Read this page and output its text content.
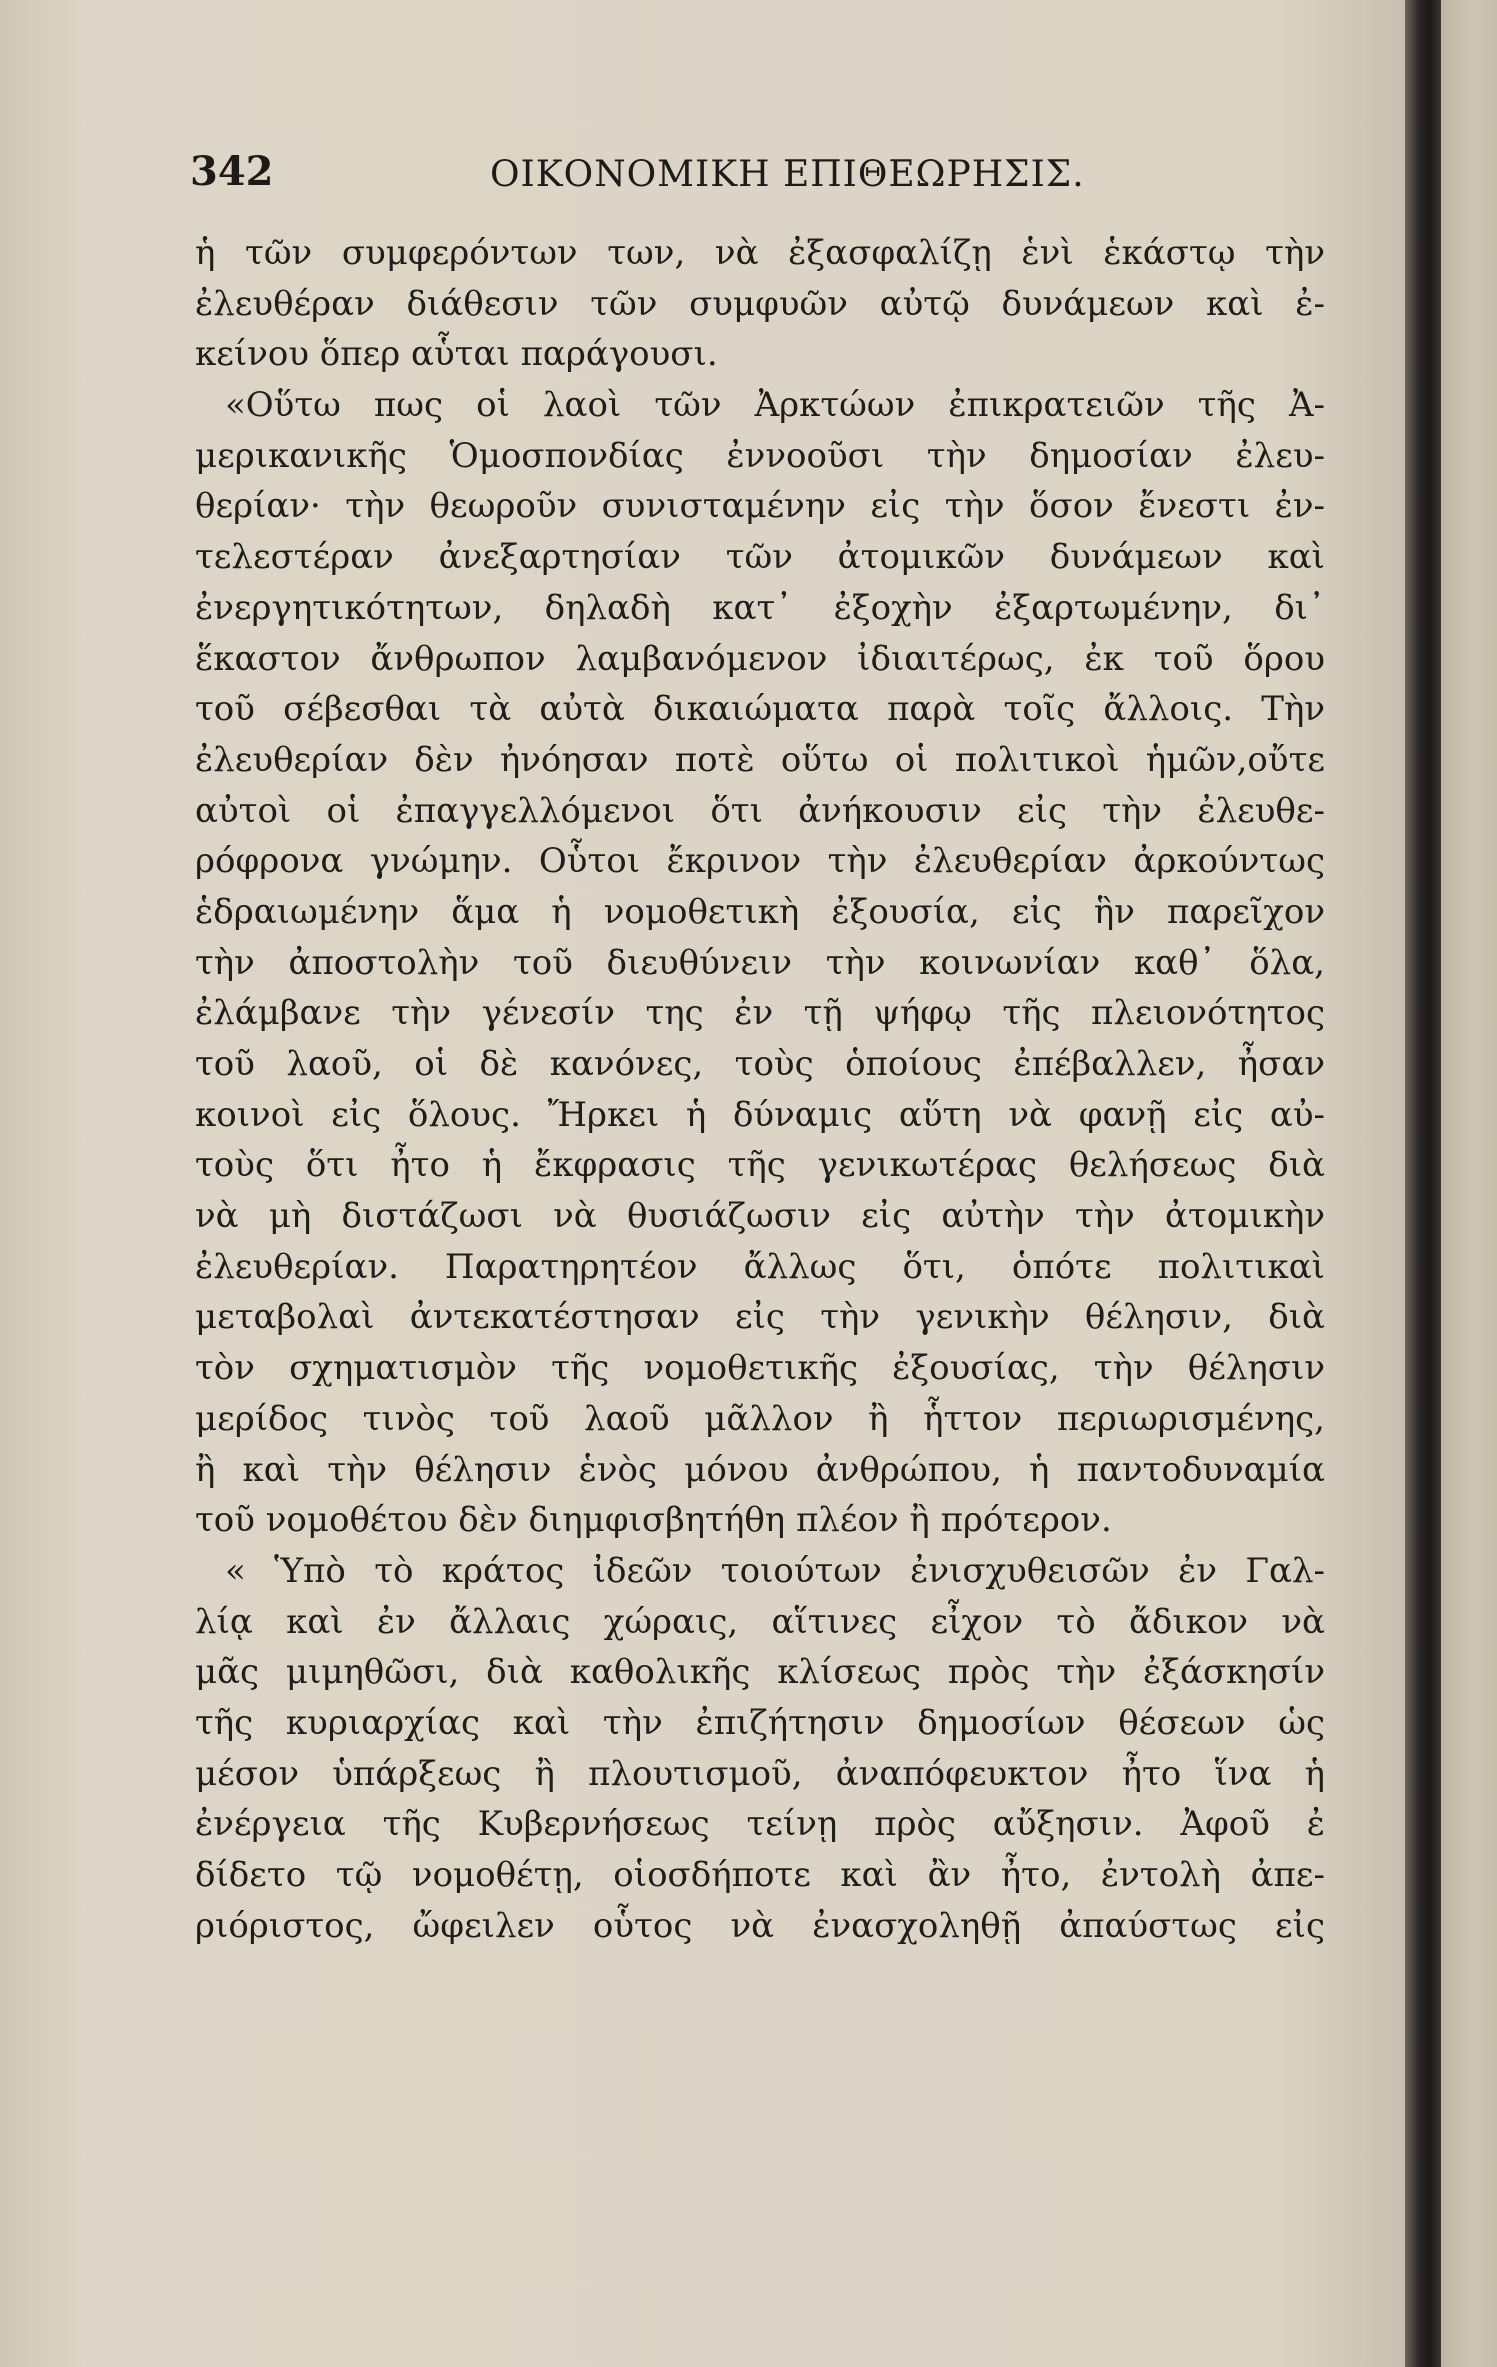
342	ΟΙΚΟΝΟΜΙΚΗ ΕΠΙΘΕΩΡΗΣΙΣ.
ἡ τῶν συμφερόντων των, νὰ ἐξασφαλίζῃ ἑνὶ ἑκάστῳ τὴν
ἐλευθέραν διάθεσιν τῶν συμφυῶν αὐτῷ δυνάμεων καὶ ἐ-
κείνου ὅπερ αὗται παράγουσι.
«Οὕτω πως οἱ λαοὶ τῶν Ἀρκτώων ἐπικρατειῶν τῆς Ἀ-
μερικανικῆς Ὁμοσπονδίας ἐννοοῦσι τὴν δημοσίαν ἐλευ-
θερίαν· τὴν θεωροῦν συνισταμένην εἰς τὴν ὅσον ἔνεστι ἐν-
τελεστέραν ἀνεξαρτησίαν τῶν ἀτομικῶν δυνάμεων καὶ
ἐνεργητικότητων, δηλαδὴ κατ᾽ ἐξοχὴν ἐξαρτωμένην, δι᾽
ἕκαστον ἄνθρωπον λαμβανόμενον ἰδιαιτέρως, ἐκ τοῦ ὅρου
τοῦ σέβεσθαι τὰ αὐτὰ δικαιώματα παρὰ τοῖς ἄλλοις. Τὴν
ἐλευθερίαν δὲν ἠνόησαν ποτὲ οὕτω οἱ πολιτικοὶ ἡμῶν,οὔτε
αὐτοὶ οἱ ἐπαγγελλόμενοι ὅτι ἀνήκουσιν εἰς τὴν ἐλευθε-
ρόφρονα γνώμην. Οὗτοι ἔκρινον τὴν ἐλευθερίαν ἀρκούντως
ἑδραιωμένην ἅμα ἡ νομοθετικὴ ἐξουσία, εἰς ἣν παρεῖχον
τὴν ἀποστολὴν τοῦ διευθύνειν τὴν κοινωνίαν καθ᾽ ὅλα,
ἐλάμβανε τὴν γένεσίν της ἐν τῇ ψήφῳ τῆς πλειονότητος
τοῦ λαοῦ, οἱ δὲ κανόνες, τοὺς ὁποίους ἐπέβαλλεν, ἦσαν
κοινοὶ εἰς ὅλους. Ἤρκει ἡ δύναμις αὕτη νὰ φανῇ εἰς αὐ-
τοὺς ὅτι ἦτο ἡ ἔκφρασις τῆς γενικωτέρας θελήσεως διὰ
νὰ μὴ διστάζωσι νὰ θυσιάζωσιν εἰς αὐτὴν τὴν ἀτομικὴν
ἐλευθερίαν. Παρατηρητέον ἄλλως ὅτι, ὁπότε πολιτικαὶ
μεταβολαὶ ἀντεκατέστησαν εἰς τὴν γενικὴν θέλησιν, διὰ
τὸν σχηματισμὸν τῆς νομοθετικῆς ἐξουσίας, τὴν θέλησιν
μερίδος τινὸς τοῦ λαοῦ μᾶλλον ἢ ἧττον περιωρισμένης,
ἢ καὶ τὴν θέλησιν ἑνὸς μόνου ἀνθρώπου, ἡ παντοδυναμία
τοῦ νομοθέτου δὲν διημφισβητήθη πλέον ἢ πρότερον.
« Ὑπὸ τὸ κράτος ἰδεῶν τοιούτων ἐνισχυθεισῶν ἐν Γαλ-
λίᾳ καὶ ἐν ἄλλαις χώραις, αἵτινες εἶχον τὸ ἄδικον νὰ
μᾶς μιμηθῶσι, διὰ καθολικῆς κλίσεως πρὸς τὴν ἐξάσκησίν
τῆς κυριαρχίας καὶ τὴν ἐπιζήτησιν δημοσίων θέσεων ὡς
μέσον ὑπάρξεως ἢ πλουτισμοῦ, ἀναπόφευκτον ἦτο ἵνα ἡ
ἐνέργεια τῆς Κυβερνήσεως τείνῃ πρὸς αὔξησιν. Ἀφοῦ ἐ
δίδετο τῷ νομοθέτῃ, οἱοσδήποτε καὶ ἂν ἦτο, ἐντολὴ ἀπε-
ριόριστος, ὤφειλεν οὗτος νὰ ἐνασχοληθῇ ἀπαύστως εἰς
